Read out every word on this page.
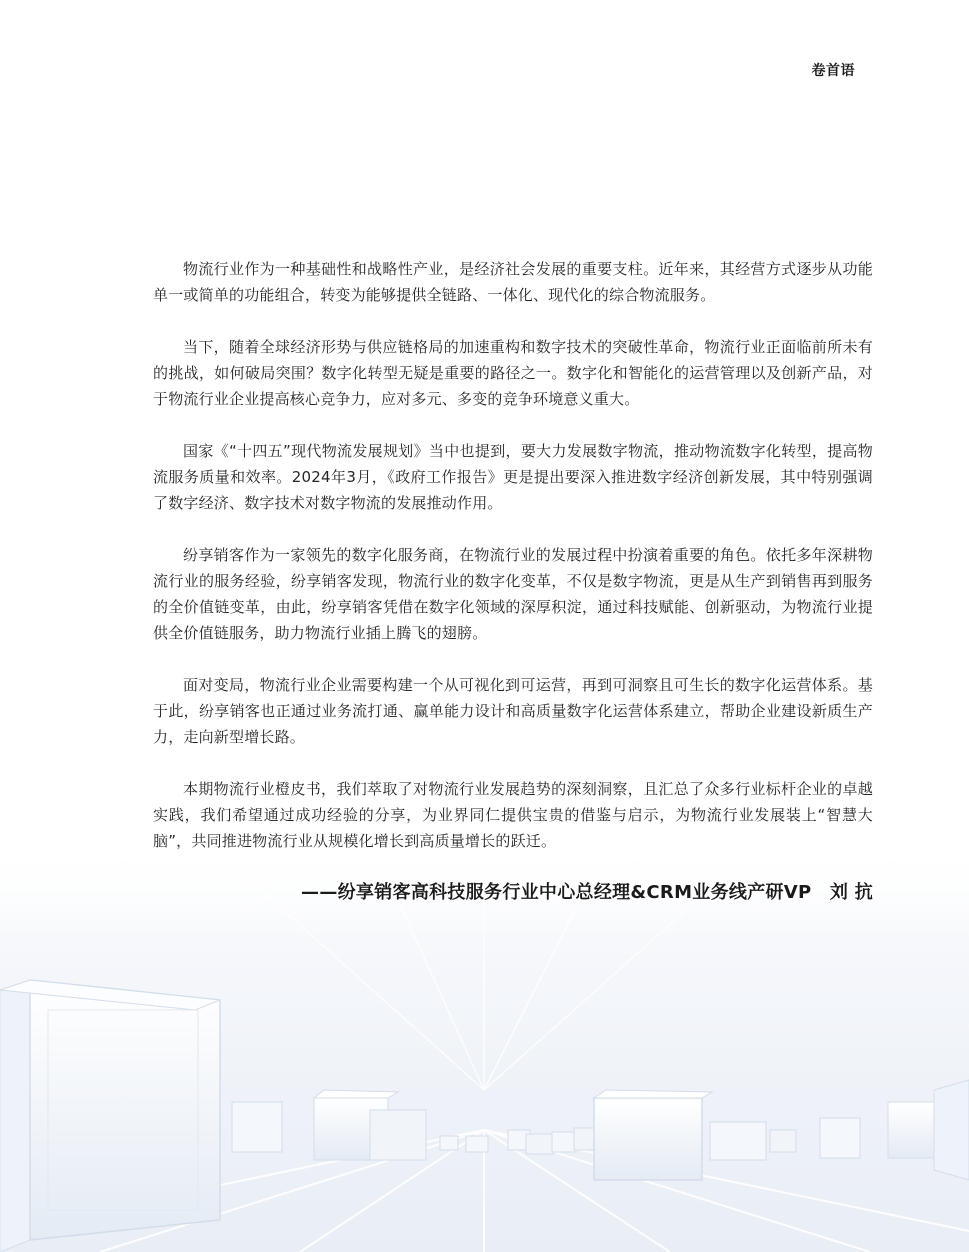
卷首语

物流行业作为一种基础性和战略性产业，是经济社会发展的重要支柱。近年来，其经营方式逐步从功能单一或简单的功能组合，转变为能够提供全链路、一体化、现代化的综合物流服务。

当下，随着全球经济形势与供应链格局的加速重构和数字技术的突破性革命，物流行业正面临前所未有的挑战，如何破局突围？数字化转型无疑是重要的路径之一。数字化和智能化的运营管理以及创新产品，对于物流行业企业提高核心竞争力，应对多元、多变的竞争环境意义重大。

国家《“十四五”现代物流发展规划》当中也提到，要大力发展数字物流，推动物流数字化转型，提高物流服务质量和效率。2024年3月，《政府工作报告》更是提出要深入推进数字经济创新发展，其中特别强调了数字经济、数字技术对数字物流的发展推动作用。

纷享销客作为一家领先的数字化服务商，在物流行业的发展过程中扮演着重要的角色。依托多年深耕物流行业的服务经验，纷享销客发现，物流行业的数字化变革，不仅是数字物流，更是从生产到销售再到服务的全价值链变革，由此，纷享销客凭借在数字化领域的深厚积淀，通过科技赋能、创新驱动，为物流行业提供全价值链服务，助力物流行业插上腾飞的翅膀。

面对变局，物流行业企业需要构建一个从可视化到可运营，再到可洞察且可生长的数字化运营体系。基于此，纷享销客也正通过业务流打通、赢单能力设计和高质量数字化运营体系建立，帮助企业建设新质生产力，走向新型增长路。

本期物流行业橙皮书，我们萃取了对物流行业发展趋势的深刻洞察，且汇总了众多行业标杆企业的卓越实践，我们希望通过成功经验的分享，为业界同仁提供宝贵的借鉴与启示，为物流行业发展装上“智慧大脑”，共同推进物流行业从规模化增长到高质量增长的跃迁。

——纷享销客高科技服务行业中心总经理&CRM业务线产研VP　刘 抗
